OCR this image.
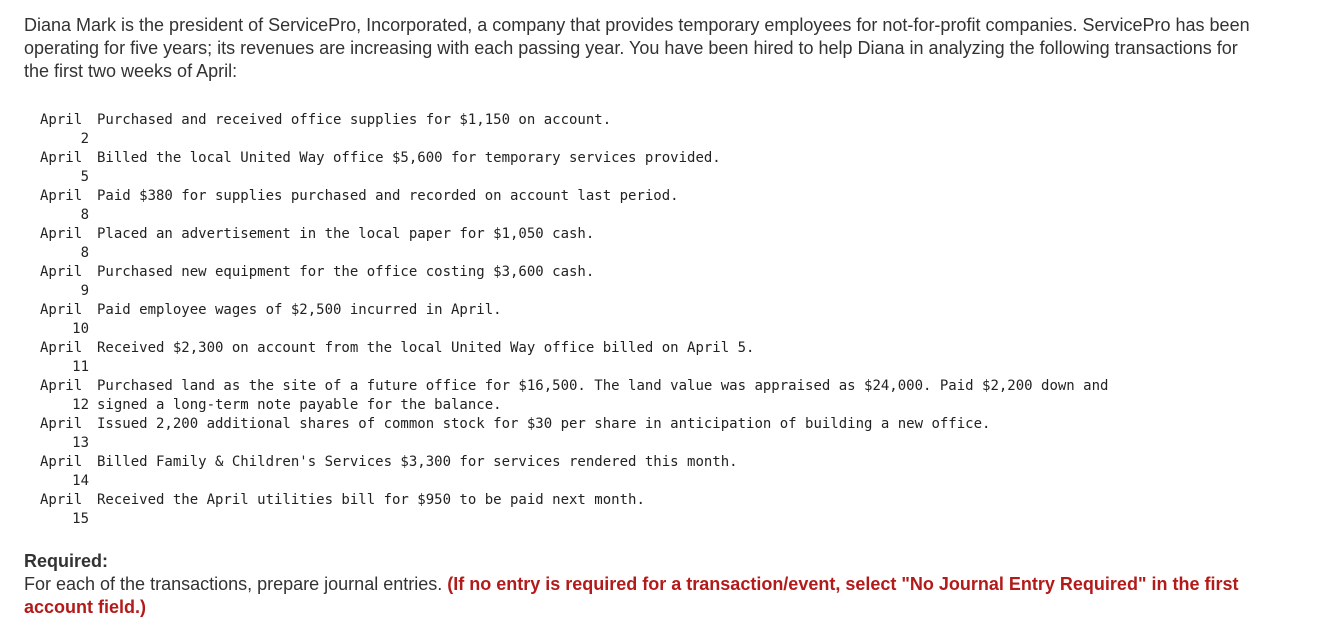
Diana Mark is the president of ServicePro, Incorporated, a company that provides temporary employees for not-for-profit companies. ServicePro has been operating for five years; its revenues are increasing with each passing year. You have been hired to help Diana in analyzing the following transactions for the first two weeks of April:
April
2	Purchased and received office supplies for $1,150 on account.

April
5	Billed the local United Way office $5,600 for temporary services provided.

April
8	Paid $380 for supplies purchased and recorded on account last period.

April
8	Placed an advertisement in the local paper for $1,050 cash.

April
9	Purchased new equipment for the office costing $3,600 cash.

April
10	Paid employee wages of $2,500 incurred in April.

April
11	Received $2,300 on account from the local United Way office billed on April 5.

April
12	Purchased land as the site of a future office for $16,500. The land value was appraised as $24,000. Paid $2,200 down and signed a long-term note payable for the balance.

April
13	Issued 2,200 additional shares of common stock for $30 per share in anticipation of building a new office.

April
14	Billed Family & Children's Services $3,300 for services rendered this month.

April
15	Received the April utilities bill for $950 to be paid next month.
Required:
For each of the transactions, prepare journal entries. (If no entry is required for a transaction/event, select "No Journal Entry Required" in the first account field.)
